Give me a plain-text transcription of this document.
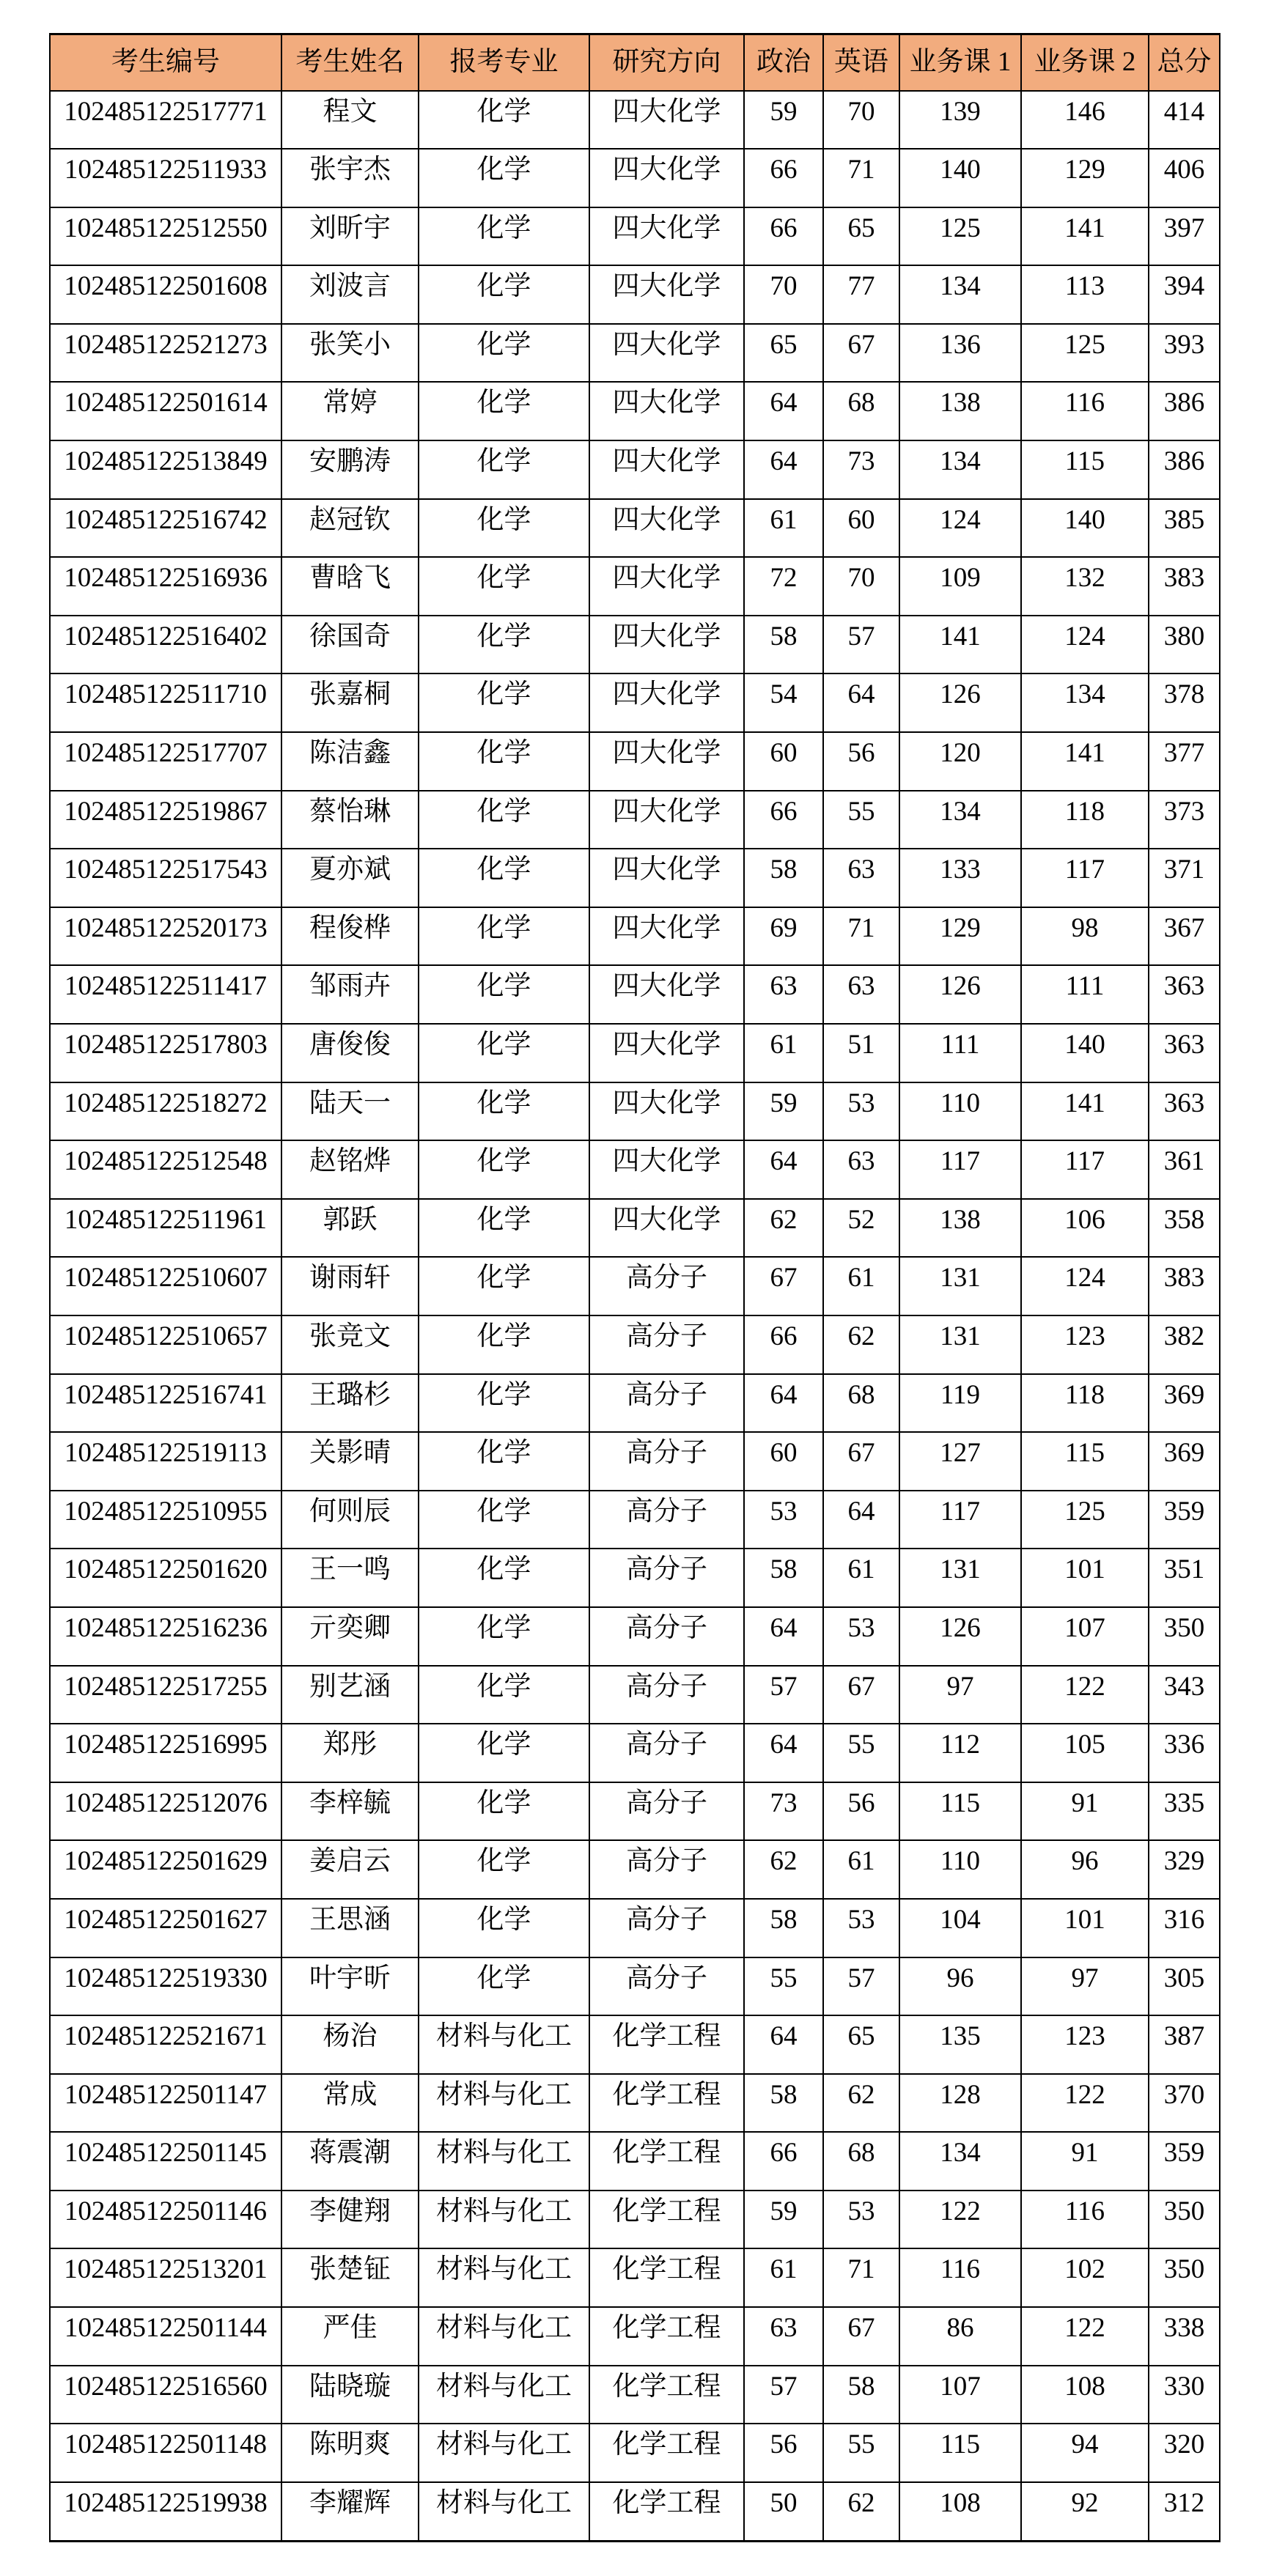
考生编号	考生姓名	报考专业	研究方向	政治	英语	业务课 1	业务课 2	总分
102485122517771	程文	化学	四大化学	59	70	139	146	414
102485122511933	张宇杰	化学	四大化学	66	71	140	129	406
102485122512550	刘昕宇	化学	四大化学	66	65	125	141	397
102485122501608	刘波言	化学	四大化学	70	77	134	113	394
102485122521273	张笑小	化学	四大化学	65	67	136	125	393
102485122501614	常婷	化学	四大化学	64	68	138	116	386
102485122513849	安鹏涛	化学	四大化学	64	73	134	115	386
102485122516742	赵冠钦	化学	四大化学	61	60	124	140	385
102485122516936	曹晗飞	化学	四大化学	72	70	109	132	383
102485122516402	徐国奇	化学	四大化学	58	57	141	124	380
102485122511710	张嘉桐	化学	四大化学	54	64	126	134	378
102485122517707	陈洁鑫	化学	四大化学	60	56	120	141	377
102485122519867	蔡怡琳	化学	四大化学	66	55	134	118	373
102485122517543	夏亦斌	化学	四大化学	58	63	133	117	371
102485122520173	程俊桦	化学	四大化学	69	71	129	98	367
102485122511417	邹雨卉	化学	四大化学	63	63	126	111	363
102485122517803	唐俊俊	化学	四大化学	61	51	111	140	363
102485122518272	陆天一	化学	四大化学	59	53	110	141	363
102485122512548	赵铭烨	化学	四大化学	64	63	117	117	361
102485122511961	郭跃	化学	四大化学	62	52	138	106	358
102485122510607	谢雨轩	化学	高分子	67	61	131	124	383
102485122510657	张竞文	化学	高分子	66	62	131	123	382
102485122516741	王璐杉	化学	高分子	64	68	119	118	369
102485122519113	关影晴	化学	高分子	60	67	127	115	369
102485122510955	何则辰	化学	高分子	53	64	117	125	359
102485122501620	王一鸣	化学	高分子	58	61	131	101	351
102485122516236	亓奕卿	化学	高分子	64	53	126	107	350
102485122517255	别艺涵	化学	高分子	57	67	97	122	343
102485122516995	郑彤	化学	高分子	64	55	112	105	336
102485122512076	李梓毓	化学	高分子	73	56	115	91	335
102485122501629	姜启云	化学	高分子	62	61	110	96	329
102485122501627	王思涵	化学	高分子	58	53	104	101	316
102485122519330	叶宇昕	化学	高分子	55	57	96	97	305
102485122521671	杨治	材料与化工	化学工程	64	65	135	123	387
102485122501147	常成	材料与化工	化学工程	58	62	128	122	370
102485122501145	蒋震潮	材料与化工	化学工程	66	68	134	91	359
102485122501146	李健翔	材料与化工	化学工程	59	53	122	116	350
102485122513201	张楚钲	材料与化工	化学工程	61	71	116	102	350
102485122501144	严佳	材料与化工	化学工程	63	67	86	122	338
102485122516560	陆晓璇	材料与化工	化学工程	57	58	107	108	330
102485122501148	陈明爽	材料与化工	化学工程	56	55	115	94	320
102485122519938	李耀辉	材料与化工	化学工程	50	62	108	92	312
